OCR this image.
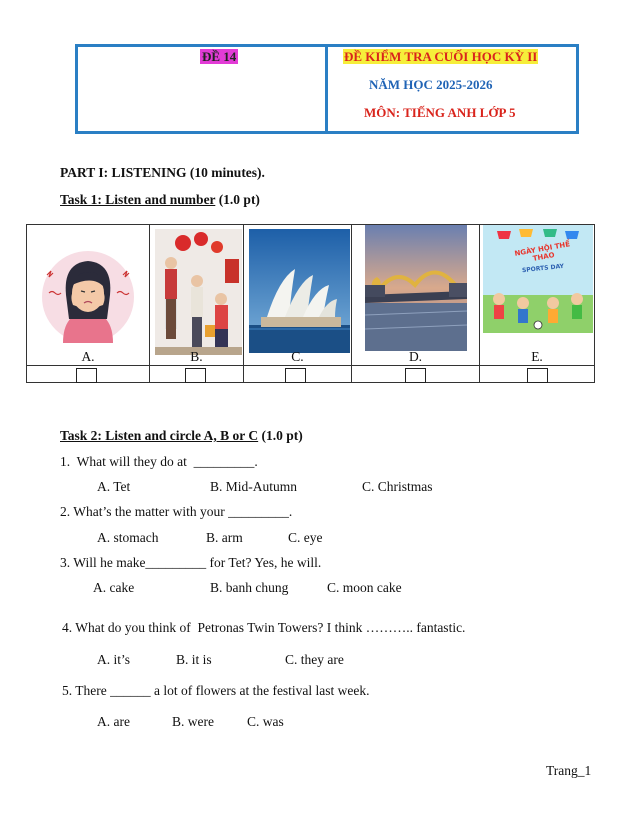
ĐỀ 14	ĐỀ KIỂM TRA CUỐI HỌC KỲ II
NĂM HỌC 2025-2026
MÔN: TIẾNG ANH LỚP 5
PART I: LISTENING (10 minutes).
Task 1: Listen and number (1.0 pt)
NGÀY HỘI THỂ THAO
SPORTS DAY
A.	B.	C.	D.	E.
Task 2: Listen and circle A, B or C (1.0 pt)
1.  What will they do at  _________.
A. Tet	B. Mid-Autumn	C. Christmas
2. What’s the matter with your _________.
A. stomach	B. arm	C. eye
3. Will he make_________ for Tet? Yes, he will.
A. cake	B. banh chung	C. moon cake
4. What do you think of  Petronas Twin Towers? I think ……….. fantastic.
A. it’s	B. it is	C. they are
5. There ______ a lot of flowers at the festival last week.
A. are	B. were C. was
Trang_1
